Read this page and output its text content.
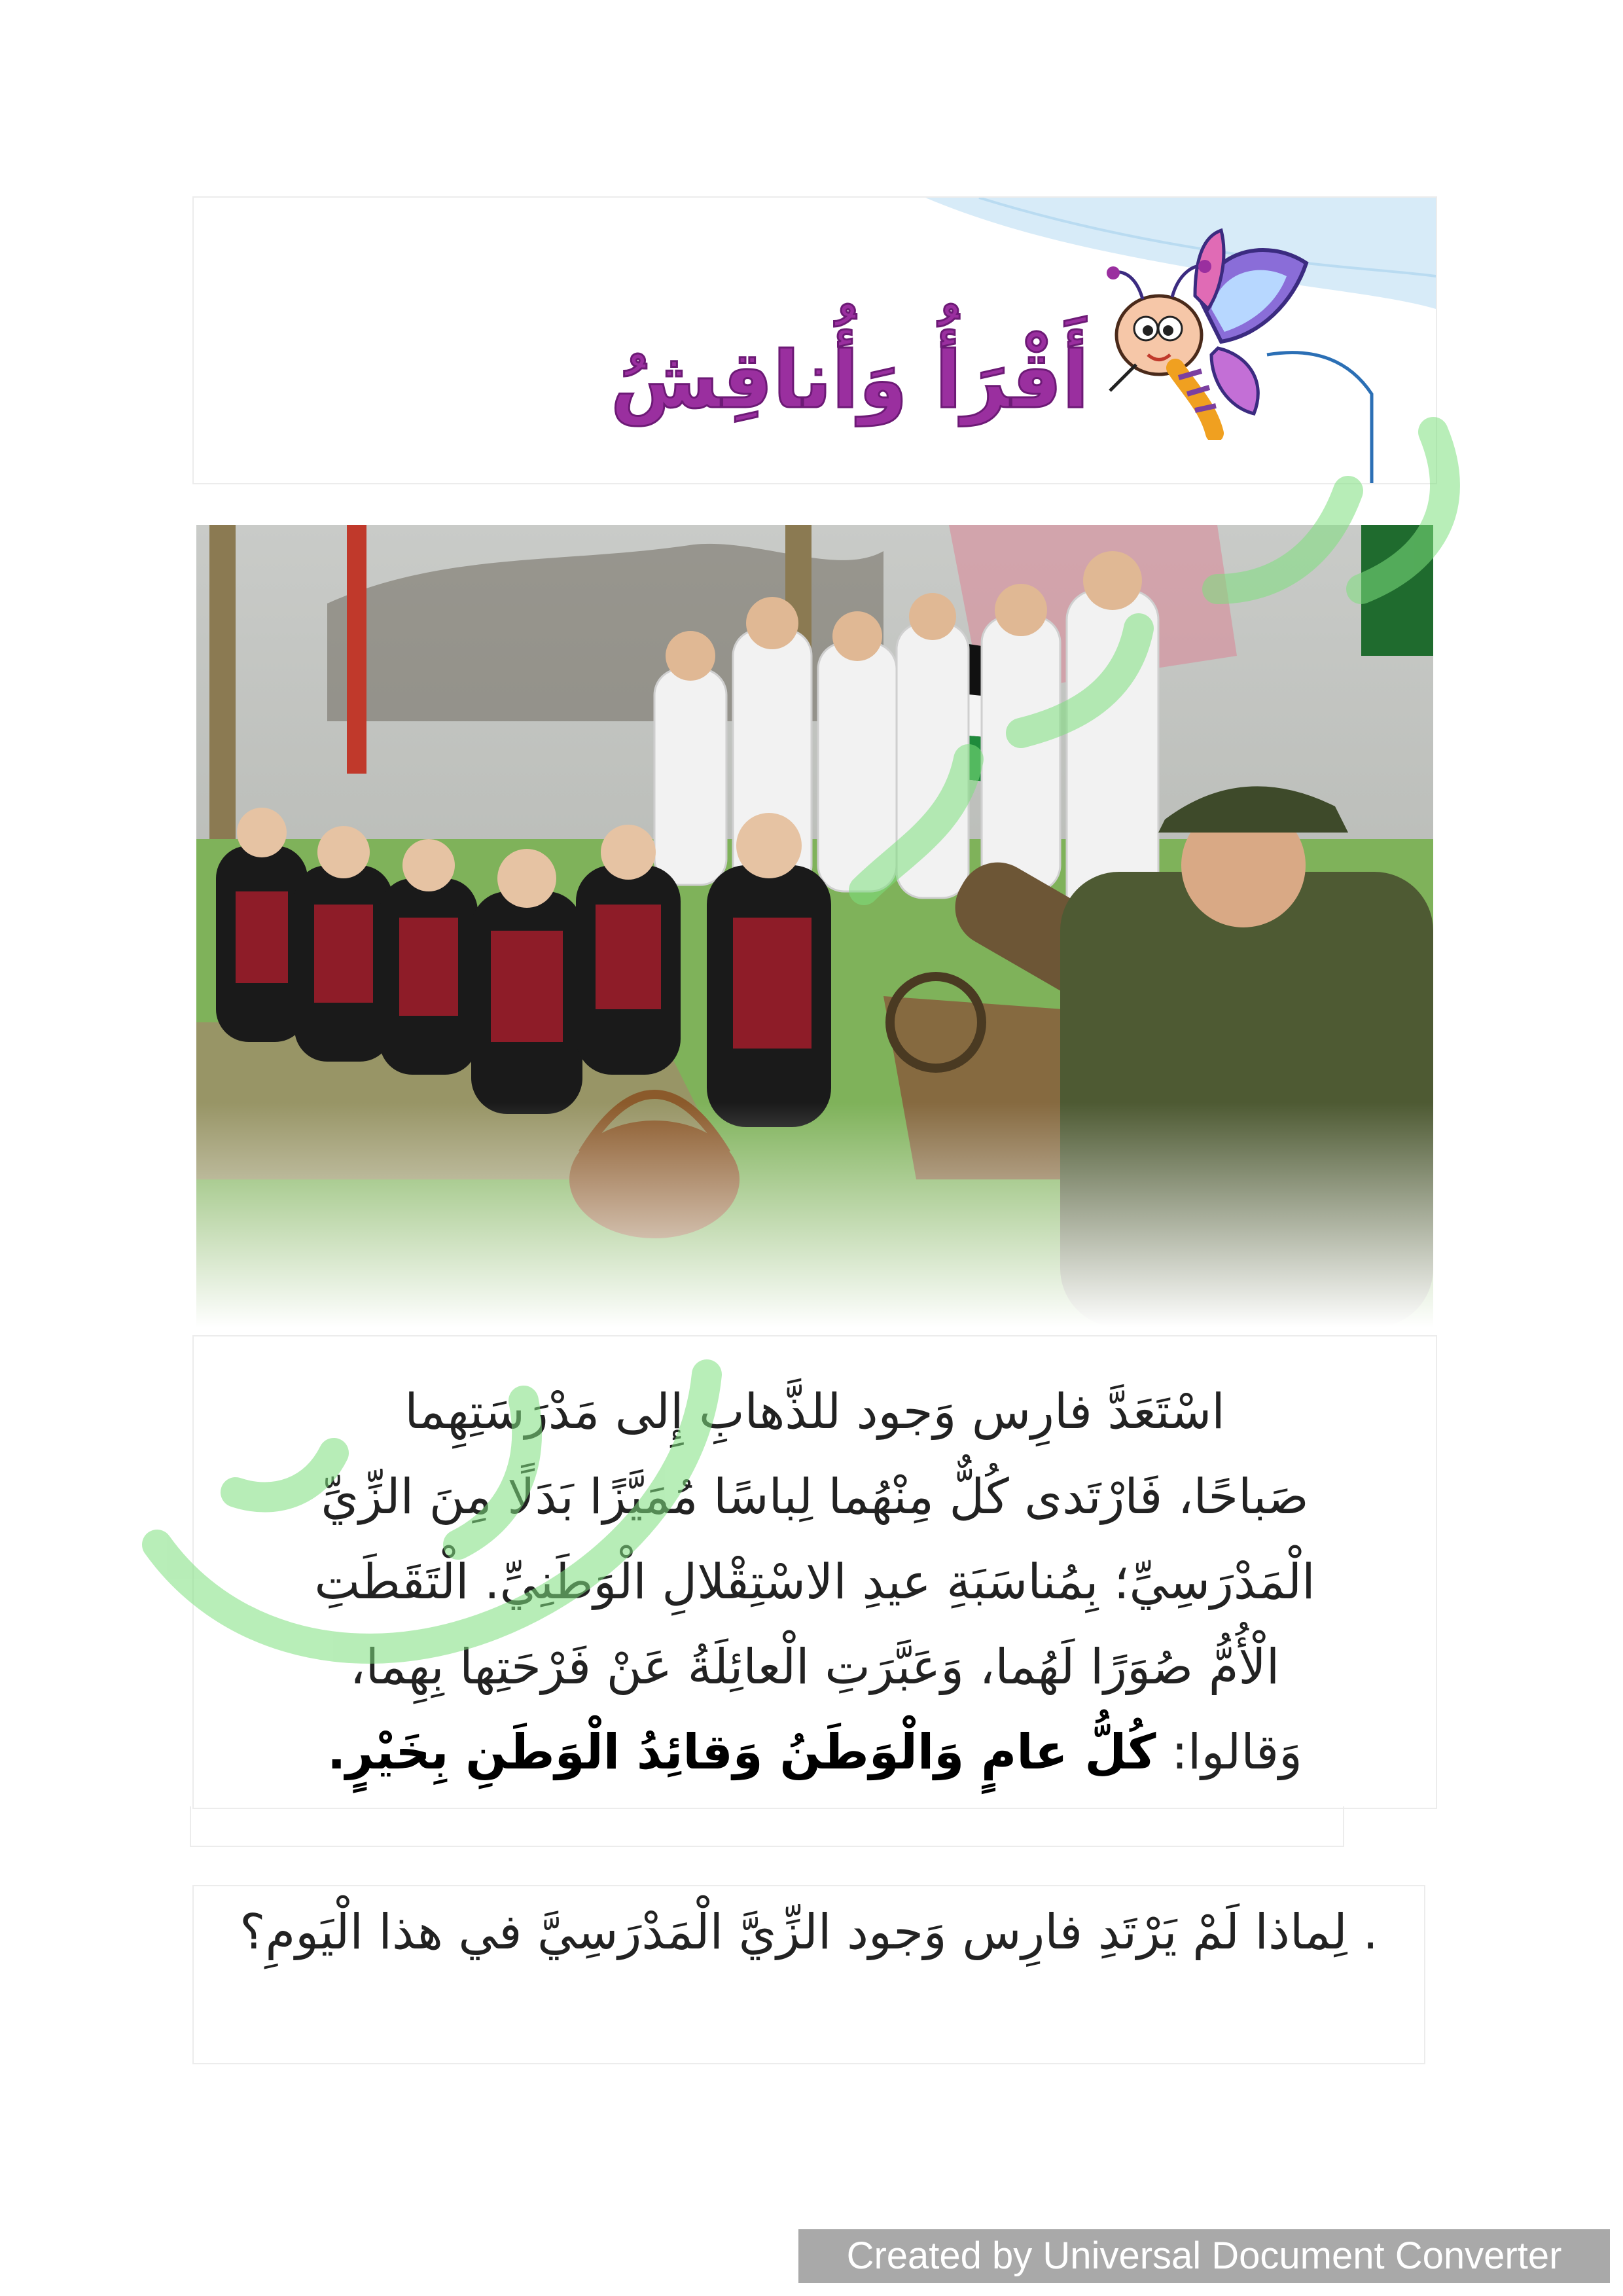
أَقْرَأُ وَأُناقِشُ
اسْتَعَدَّ فارِس وَجود للذَّهابِ إِلى مَدْرَسَتِهِما
صَباحًا، فَارْتَدى كُلٌّ مِنْهُما لِباسًا مُمَيَّزًا بَدَلًا مِنَ الزِّيِّ
الْمَدْرَسِيِّ؛ بِمُناسَبَةِ عيدِ الاسْتِقْلالِ الْوَطَنِيِّ. الْتَقَطَتِ
الْأُمُّ صُوَرًا لَهُما، وَعَبَّرَتِ الْعائِلَةُ عَنْ فَرْحَتِها بِهِما،
وَقالوا: كُلُّ عامٍ وَالْوَطَنُ وَقائِدُ الْوَطَنِ بِخَيْرٍ.

. لِماذا لَمْ يَرْتَدِ فارِس وَجود الزِّيَّ الْمَدْرَسِيَّ في هذا الْيَومِ؟

Created by Universal Document Converter
